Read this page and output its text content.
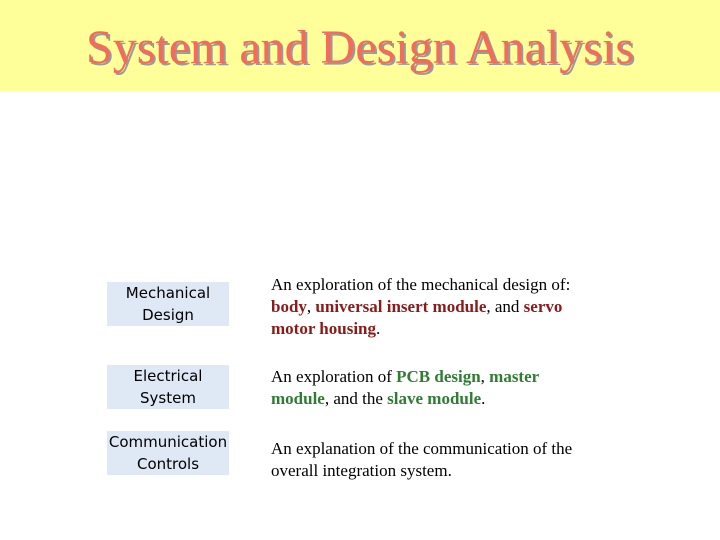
System and Design Analysis
Mechanical
Design
An exploration of the mechanical design of:
body, universal insert module, and servo
motor housing.
Electrical
System
An exploration of PCB design, master
module, and the slave module.
Communication
Controls
An explanation of the communication of the
overall integration system.
